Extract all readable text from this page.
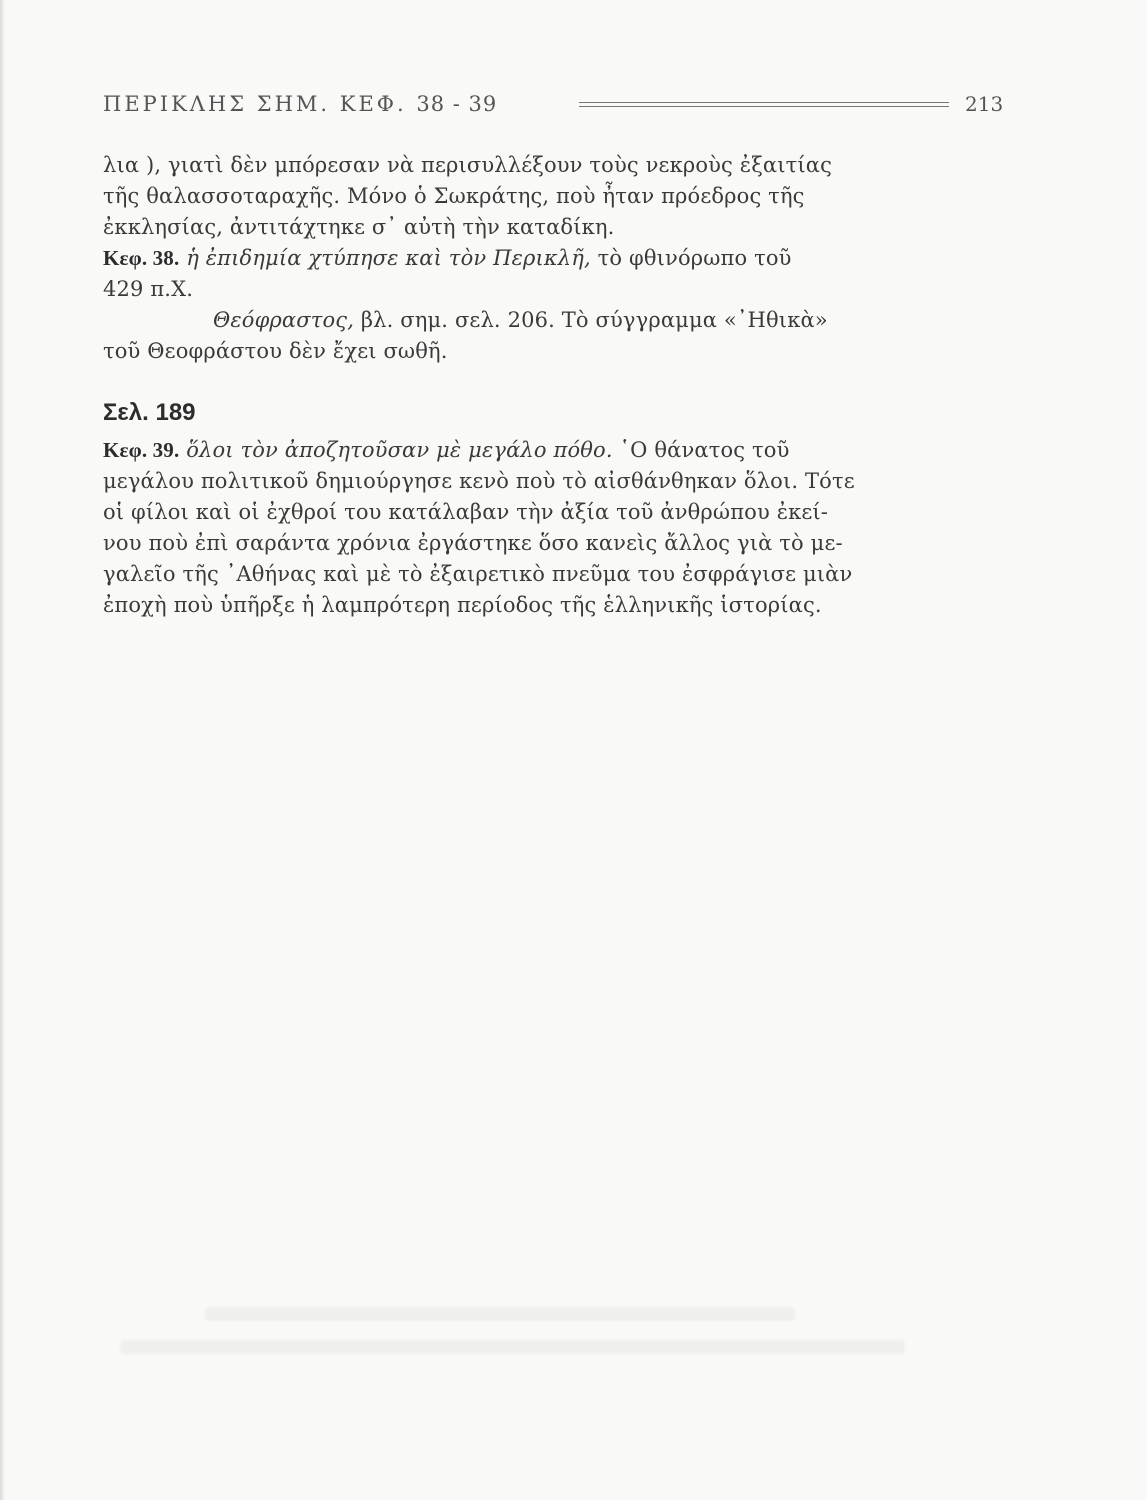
ΠΕΡΙΚΛΗΣ ΣΗΜ. ΚΕΦ. 38 - 39	213
λια ), γιατὶ δὲν μπόρεσαν νὰ περισυλλέξουν τοὺς νεκροὺς ἐξαιτίας
τῆς θαλασσοταραχῆς. Μόνο ὁ Σωκράτης, ποὺ ἦταν πρόεδρος τῆς
ἐκκλησίας, ἀντιτάχτηκε σ᾽ αὐτὴ τὴν καταδίκη.
Κεφ. 38. ἡ ἐπιδημία χτύπησε καὶ τὸν Περικλῆ, τὸ φθινόρωπο τοῦ
429 π.Χ.
Θεόφραστος, βλ. σημ. σελ. 206. Τὸ σύγγραμμα «᾽Ηθικὰ»
τοῦ Θεοφράστου δὲν ἔχει σωθῆ.
Σελ. 189
Κεφ. 39. ὅλοι τὸν ἀποζητοῦσαν μὲ μεγάλο πόθο. ῾Ο θάνατος τοῦ
μεγάλου πολιτικοῦ δημιούργησε κενὸ ποὺ τὸ αἰσθάνθηκαν ὅλοι. Τότε
οἱ φίλοι καὶ οἱ ἐχθροί του κατάλαβαν τὴν ἀξία τοῦ ἀνθρώπου ἐκεί-
νου ποὺ ἐπὶ σαράντα χρόνια ἐργάστηκε ὅσο κανεὶς ἄλλος γιὰ τὸ με-
γαλεῖο τῆς ᾽Αθήνας καὶ μὲ τὸ ἐξαιρετικὸ πνεῦμα του ἐσφράγισε μιὰν
ἐποχὴ ποὺ ὑπῆρξε ἡ λαμπρότερη περίοδος τῆς ἑλληνικῆς ἱστορίας.
